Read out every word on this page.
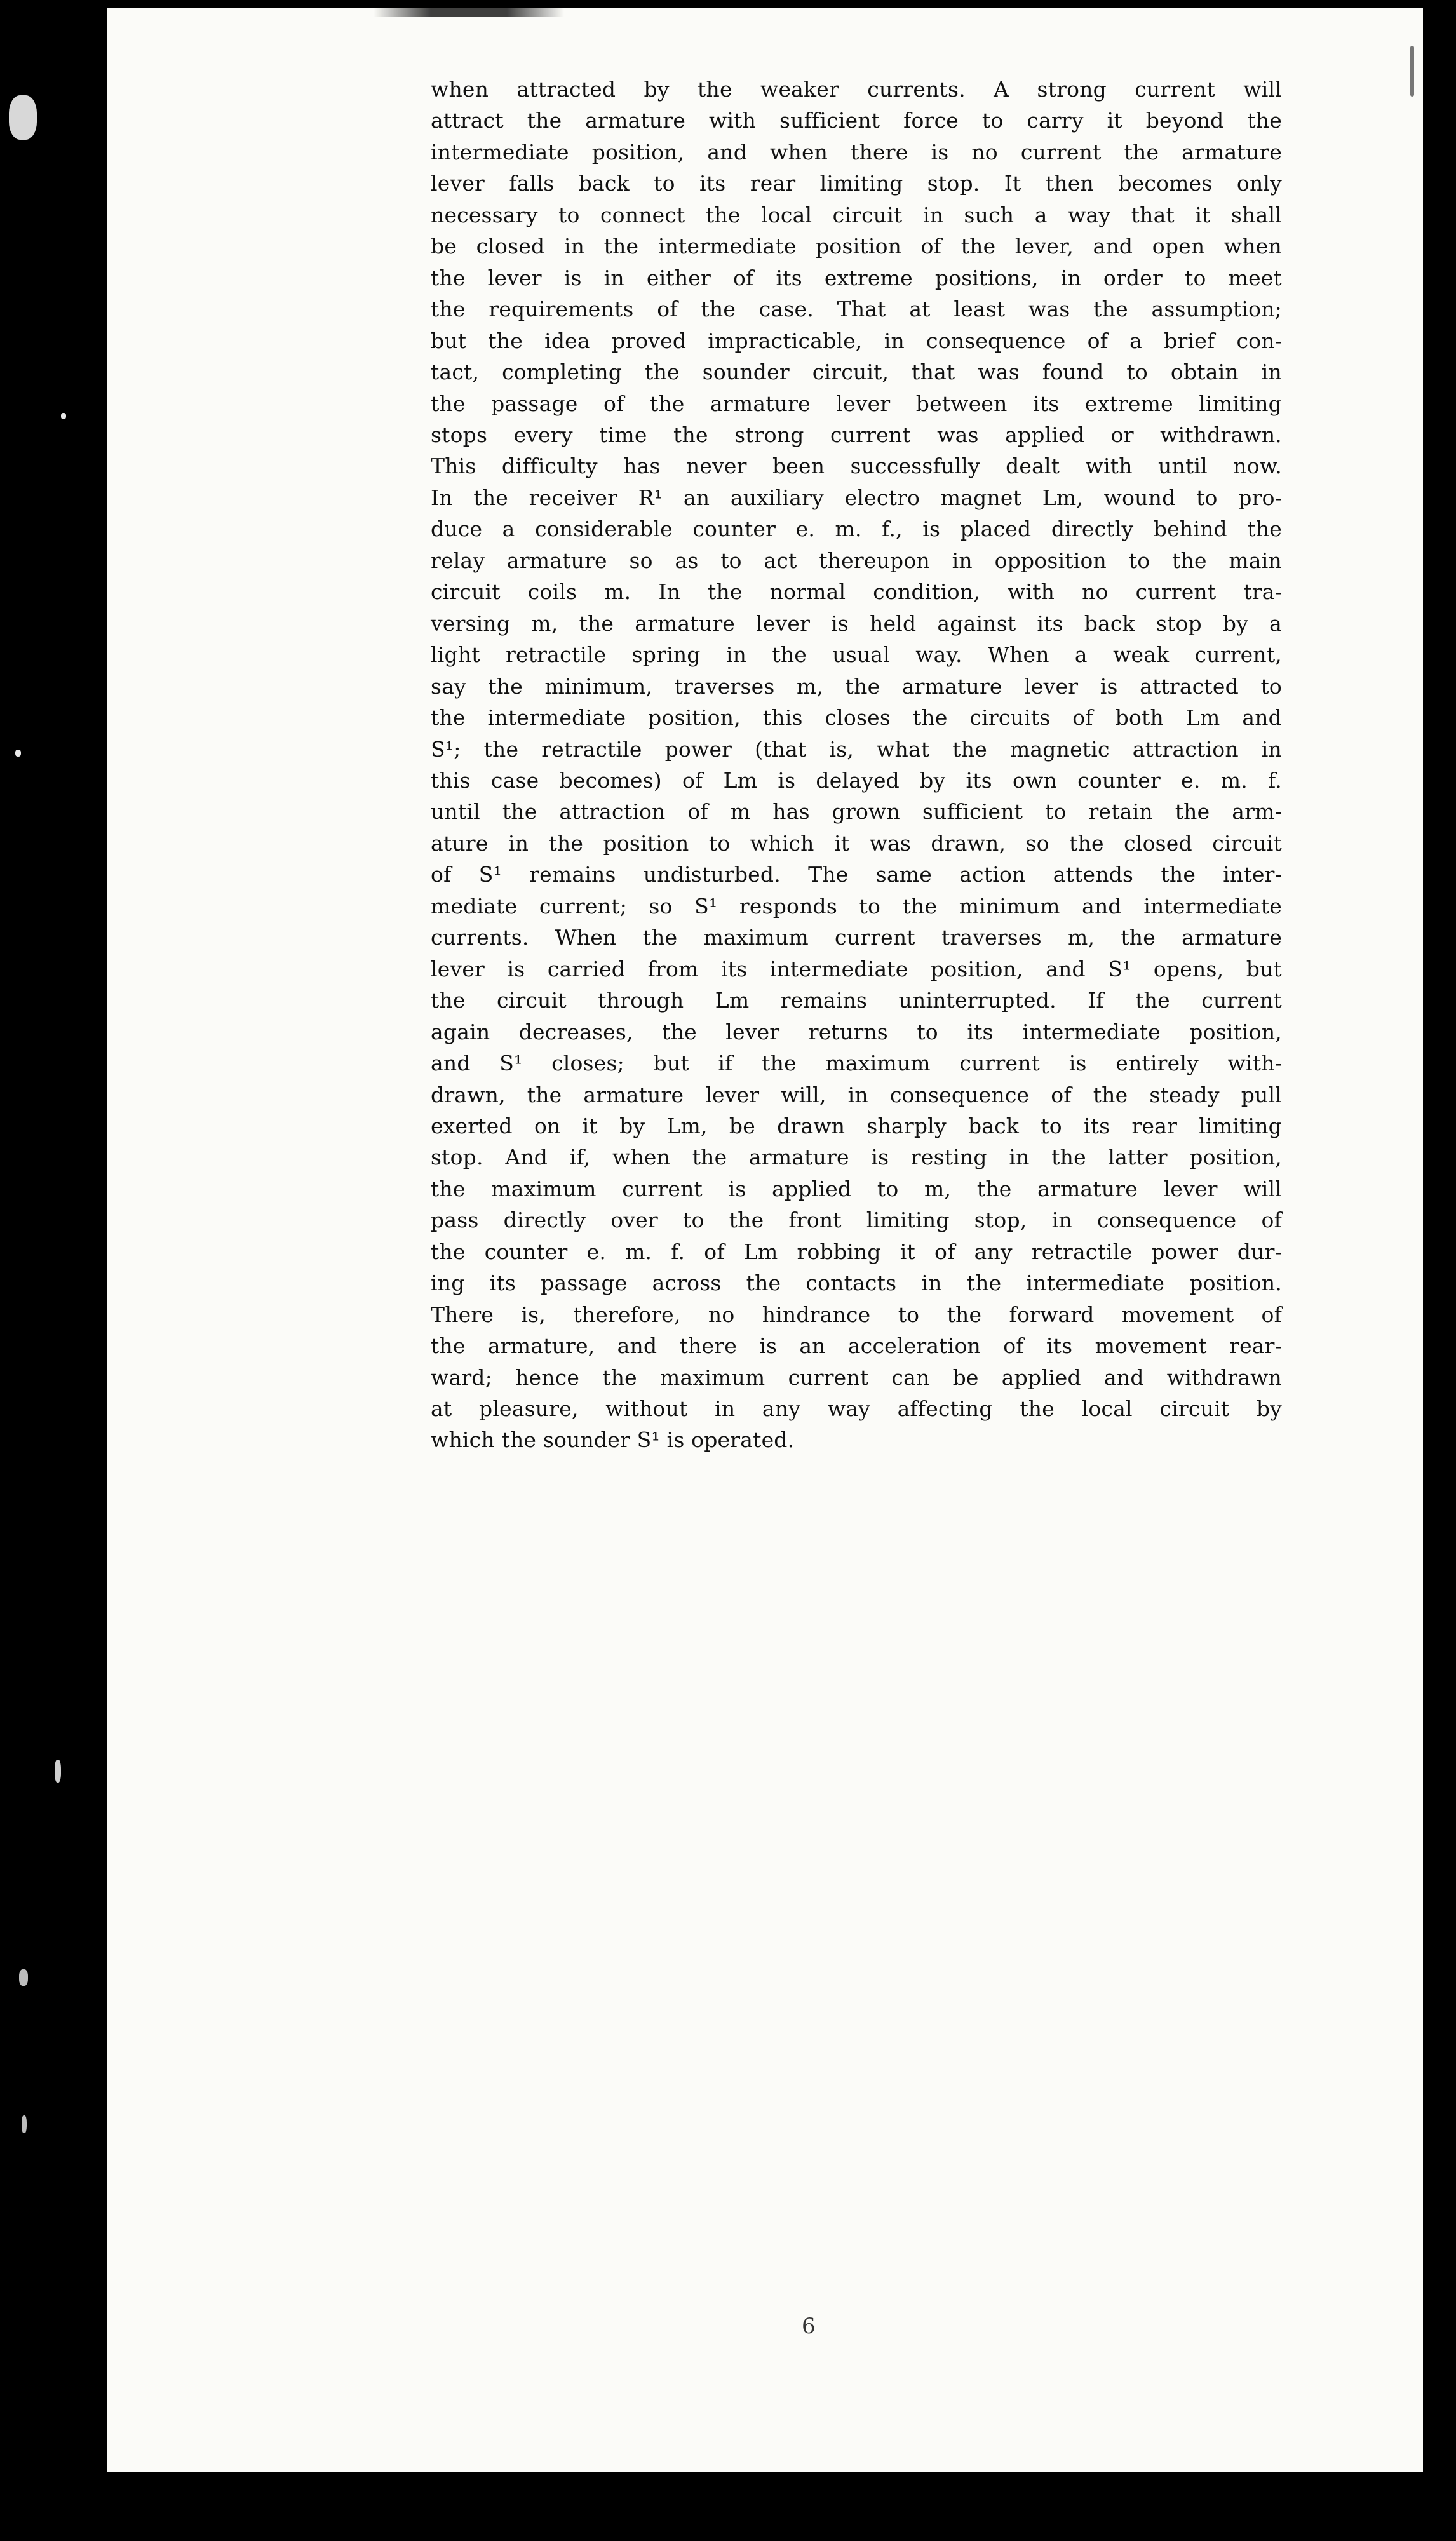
when attracted by the weaker currents. A strong current will
attract the armature with sufficient force to carry it beyond the
intermediate position, and when there is no current the armature
lever falls back to its rear limiting stop. It then becomes only
necessary to connect the local circuit in such a way that it shall
be closed in the intermediate position of the lever, and open when
the lever is in either of its extreme positions, in order to meet
the requirements of the case. That at least was the assumption;
but the idea proved impracticable, in consequence of a brief con-
tact, completing the sounder circuit, that was found to obtain in
the passage of the armature lever between its extreme limiting
stops every time the strong current was applied or withdrawn.
This difficulty has never been successfully dealt with until now.
In the receiver R¹ an auxiliary electro magnet Lm, wound to pro-
duce a considerable counter e. m. f., is placed directly behind the
relay armature so as to act thereupon in opposition to the main
circuit coils m. In the normal condition, with no current tra-
versing m, the armature lever is held against its back stop by a
light retractile spring in the usual way. When a weak current,
say the minimum, traverses m, the armature lever is attracted to
the intermediate position, this closes the circuits of both Lm and
S¹; the retractile power (that is, what the magnetic attraction in
this case becomes) of Lm is delayed by its own counter e. m. f.
until the attraction of m has grown sufficient to retain the arm-
ature in the position to which it was drawn, so the closed circuit
of S¹ remains undisturbed. The same action attends the inter-
mediate current; so S¹ responds to the minimum and intermediate
currents. When the maximum current traverses m, the armature
lever is carried from its intermediate position, and S¹ opens, but
the circuit through Lm remains uninterrupted. If the current
again decreases, the lever returns to its intermediate position,
and S¹ closes; but if the maximum current is entirely with-
drawn, the armature lever will, in consequence of the steady pull
exerted on it by Lm, be drawn sharply back to its rear limiting
stop. And if, when the armature is resting in the latter position,
the maximum current is applied to m, the armature lever will
pass directly over to the front limiting stop, in consequence of
the counter e. m. f. of Lm robbing it of any retractile power dur-
ing its passage across the contacts in the intermediate position.
There is, therefore, no hindrance to the forward movement of
the armature, and there is an acceleration of its movement rear-
ward; hence the maximum current can be applied and withdrawn
at pleasure, without in any way affecting the local circuit by
which the sounder S¹ is operated.
6
